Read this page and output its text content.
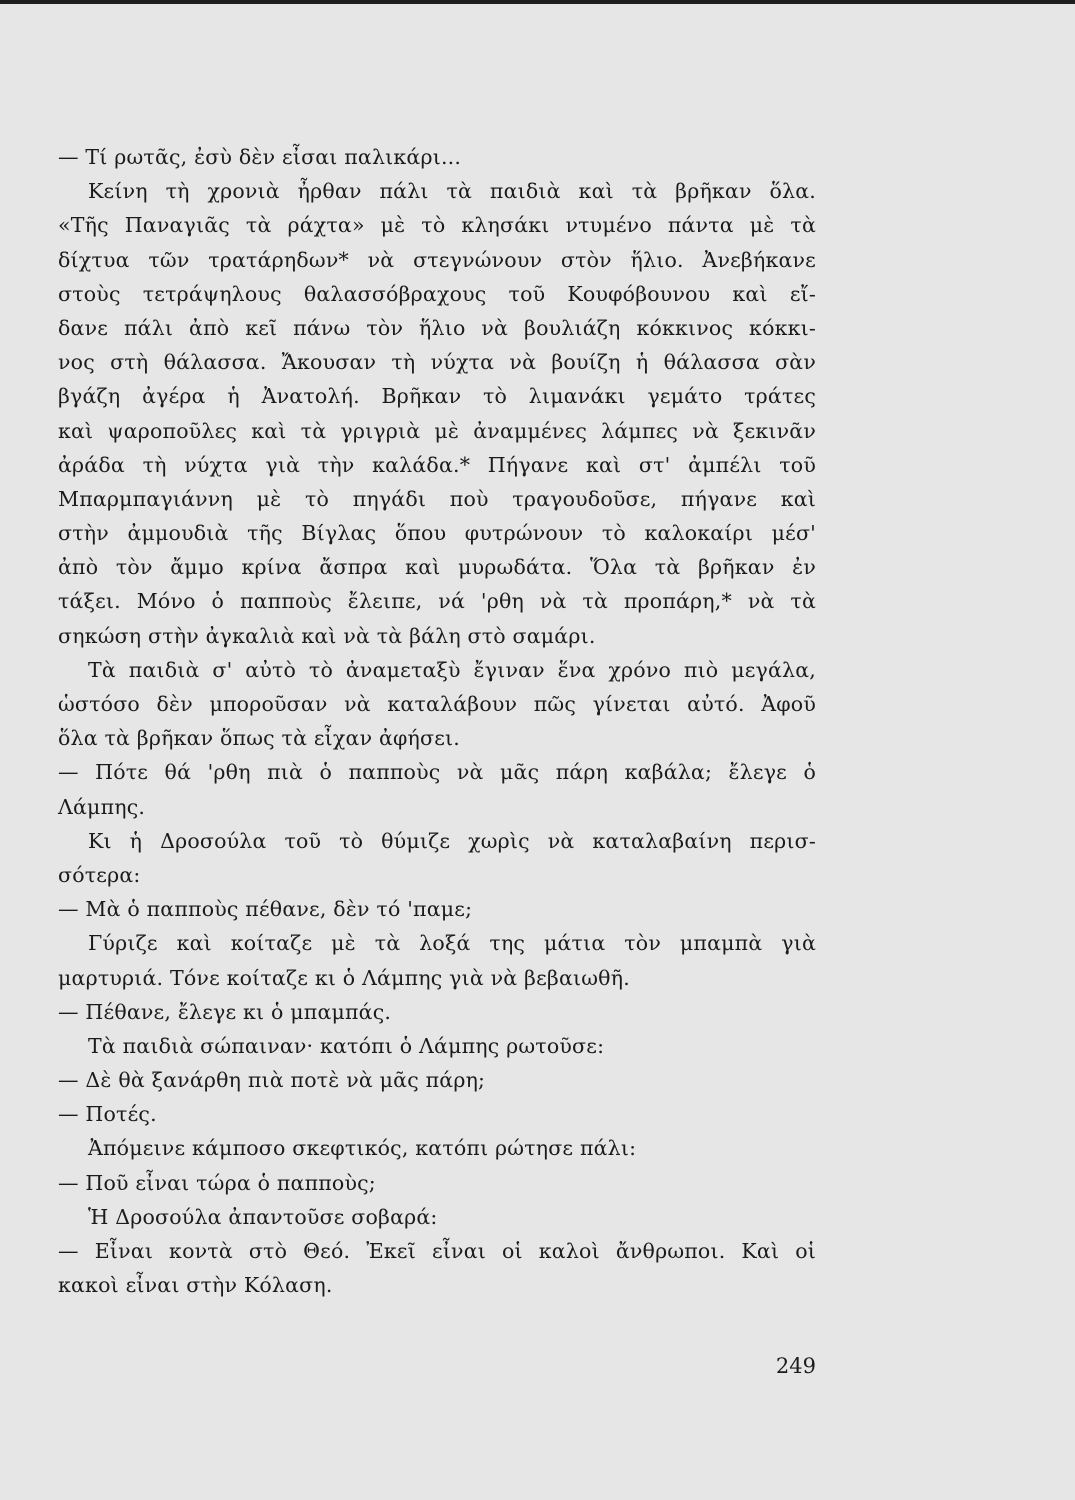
— Τί ρωτᾶς, ἐσὺ δὲν εἶσαι παλικάρι...
Κείνη τὴ χρονιὰ ἦρθαν πάλι τὰ παιδιὰ καὶ τὰ βρῆκαν ὅλα.
«Τῆς Παναγιᾶς τὰ ράχτα» μὲ τὸ κλησάκι ντυμένο πάντα μὲ τὰ
δίχτυα τῶν τρατάρηδων* νὰ στεγνώνουν στὸν ἥλιο. Ἀνεβήκανε
στοὺς τετράψηλους θαλασσόβραχους τοῦ Κουφόβουνου καὶ εἴ-
δανε πάλι ἀπὸ κεῖ πάνω τὸν ἥλιο νὰ βουλιάζη κόκκινος κόκκι-
νος στὴ θάλασσα. Ἄκουσαν τὴ νύχτα νὰ βουίζη ἡ θάλασσα σὰν
βγάζη ἀγέρα ἡ Ἀνατολή. Βρῆκαν τὸ λιμανάκι γεμάτο τράτες
καὶ ψαροποῦλες καὶ τὰ γριγριὰ μὲ ἀναμμένες λάμπες νὰ ξεκινᾶν
ἀράδα τὴ νύχτα γιὰ τὴν καλάδα.* Πήγανε καὶ στ' ἀμπέλι τοῦ
Μπαρμπαγιάννη μὲ τὸ πηγάδι ποὺ τραγουδοῦσε, πήγανε καὶ
στὴν ἀμμουδιὰ τῆς Βίγλας ὅπου φυτρώνουν τὸ καλοκαίρι μέσ'
ἀπὸ τὸν ἄμμο κρίνα ἄσπρα καὶ μυρωδάτα. Ὅλα τὰ βρῆκαν ἐν
τάξει. Μόνο ὁ παπποὺς ἔλειπε, νά 'ρθη νὰ τὰ προπάρη,* νὰ τὰ
σηκώση στὴν ἀγκαλιὰ καὶ νὰ τὰ βάλη στὸ σαμάρι.
Τὰ παιδιὰ σ' αὐτὸ τὸ ἀναμεταξὺ ἔγιναν ἕνα χρόνο πιὸ μεγάλα,
ὡστόσο δὲν μποροῦσαν νὰ καταλάβουν πῶς γίνεται αὐτό. Ἀφοῦ
ὅλα τὰ βρῆκαν ὅπως τὰ εἶχαν ἀφήσει.
— Πότε θά 'ρθη πιὰ ὁ παπποὺς νὰ μᾶς πάρη καβάλα; ἔλεγε ὁ
Λάμπης.
Κι ἡ Δροσούλα τοῦ τὸ θύμιζε χωρὶς νὰ καταλαβαίνη περισ-
σότερα:
— Μὰ ὁ παπποὺς πέθανε, δὲν τό 'παμε;
Γύριζε καὶ κοίταζε μὲ τὰ λοξά της μάτια τὸν μπαμπὰ γιὰ
μαρτυριά. Τόνε κοίταζε κι ὁ Λάμπης γιὰ νὰ βεβαιωθῆ.
— Πέθανε, ἔλεγε κι ὁ μπαμπάς.
Τὰ παιδιὰ σώπαιναν· κατόπι ὁ Λάμπης ρωτοῦσε:
— Δὲ θὰ ξανάρθη πιὰ ποτὲ νὰ μᾶς πάρη;
— Ποτές.
Ἀπόμεινε κάμποσο σκεφτικός, κατόπι ρώτησε πάλι:
— Ποῦ εἶναι τώρα ὁ παπποὺς;
Ἡ Δροσούλα ἀπαντοῦσε σοβαρά:
— Εἶναι κοντὰ στὸ Θεό. Ἐκεῖ εἶναι οἱ καλοὶ ἄνθρωποι. Καὶ οἱ
κακοὶ εἶναι στὴν Κόλαση.
249
